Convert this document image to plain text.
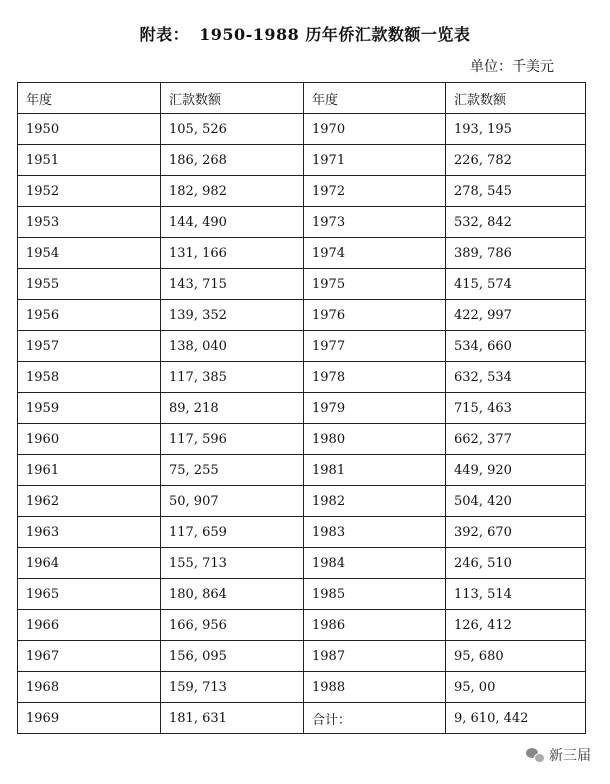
附表： 1950-1988 历年侨汇款数额一览表
单位：千美元
年度	汇款数额	年度	汇款数额
1950	105, 526	1970	193, 195
1951	186, 268	1971	226, 782
1952	182, 982	1972	278, 545
1953	144, 490	1973	532, 842
1954	131, 166	1974	389, 786
1955	143, 715	1975	415, 574
1956	139, 352	1976	422, 997
1957	138, 040	1977	534, 660
1958	117, 385	1978	632, 534
1959	89, 218	1979	715, 463
1960	117, 596	1980	662, 377
1961	75, 255	1981	449, 920
1962	50, 907	1982	504, 420
1963	117, 659	1983	392, 670
1964	155, 713	1984	246, 510
1965	180, 864	1985	113, 514
1966	166, 956	1986	126, 412
1967	156, 095	1987	95, 680
1968	159, 713	1988	95, 00
1969	181, 631	合计：	9, 610, 442
新三届
